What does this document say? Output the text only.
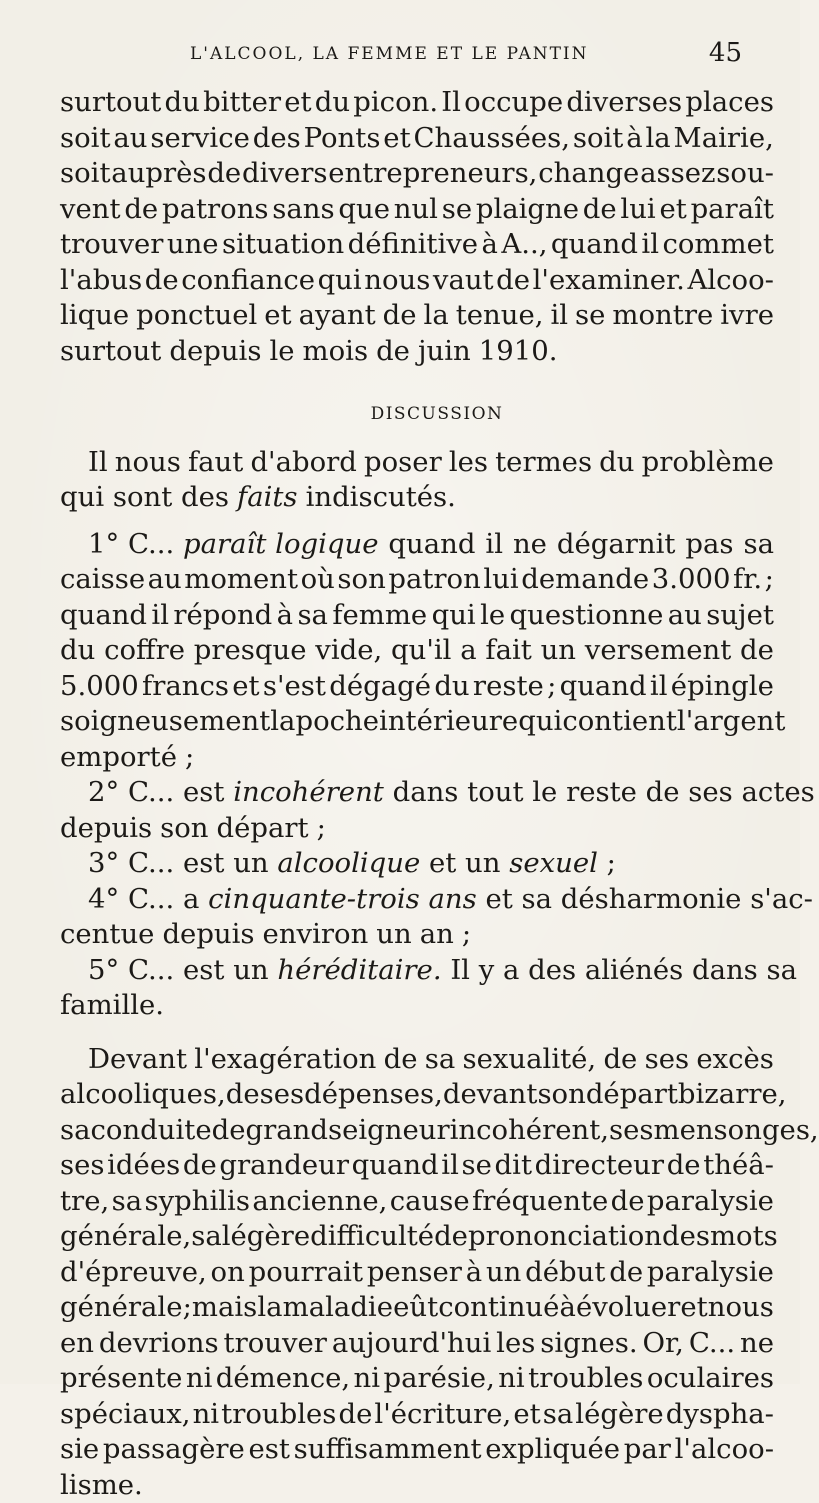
L'ALCOOL, LA FEMME ET LE PANTIN	45
surtout du bitter et du picon. Il occupe diverses places
soit au service des Ponts et Chaussées, soit à la Mairie,
soit auprès de divers entrepreneurs, change assez sou-
vent de patrons sans que nul se plaigne de lui et paraît
trouver une situation définitive à A.., quand il commet
l'abus de confiance qui nous vaut de l'examiner. Alcoo-
lique ponctuel et ayant de la tenue, il se montre ivre
surtout depuis le mois de juin 1910.
DISCUSSION
Il nous faut d'abord poser les termes du problème
qui sont des faits indiscutés.
1° C... paraît logique quand il ne dégarnit pas sa
caisse au moment où son patron lui demande 3.000 fr. ;
quand il répond à sa femme qui le questionne au sujet
du coffre presque vide, qu'il a fait un versement de
5.000 francs et s'est dégagé du reste ; quand il épingle
soigneusement la poche intérieure qui contient l'argent
emporté ;
2° C... est incohérent dans tout le reste de ses actes
depuis son départ ;
3° C... est un alcoolique et un sexuel ;
4° C... a cinquante-trois ans et sa désharmonie s'ac-
centue depuis environ un an ;
5° C... est un héréditaire. Il y a des aliénés dans sa
famille.
Devant l'exagération de sa sexualité, de ses excès
alcooliques, de ses dépenses, devant son départ bizarre,
sa conduite de grand seigneur incohérent, ses mensonges,
ses idées de grandeur quand il se dit directeur de théâ-
tre, sa syphilis ancienne, cause fréquente de paralysie
générale, sa légère difficulté de prononciation des mots
d'épreuve, on pourrait penser à un début de paralysie
générale ; mais la maladie eût continué à évoluer et nous
en devrions trouver aujourd'hui les signes. Or, C... ne
présente ni démence, ni parésie, ni troubles oculaires
spéciaux, ni troubles de l'écriture, et sa légère dyspha-
sie passagère est suffisamment expliquée par l'alcoo-
lisme.
